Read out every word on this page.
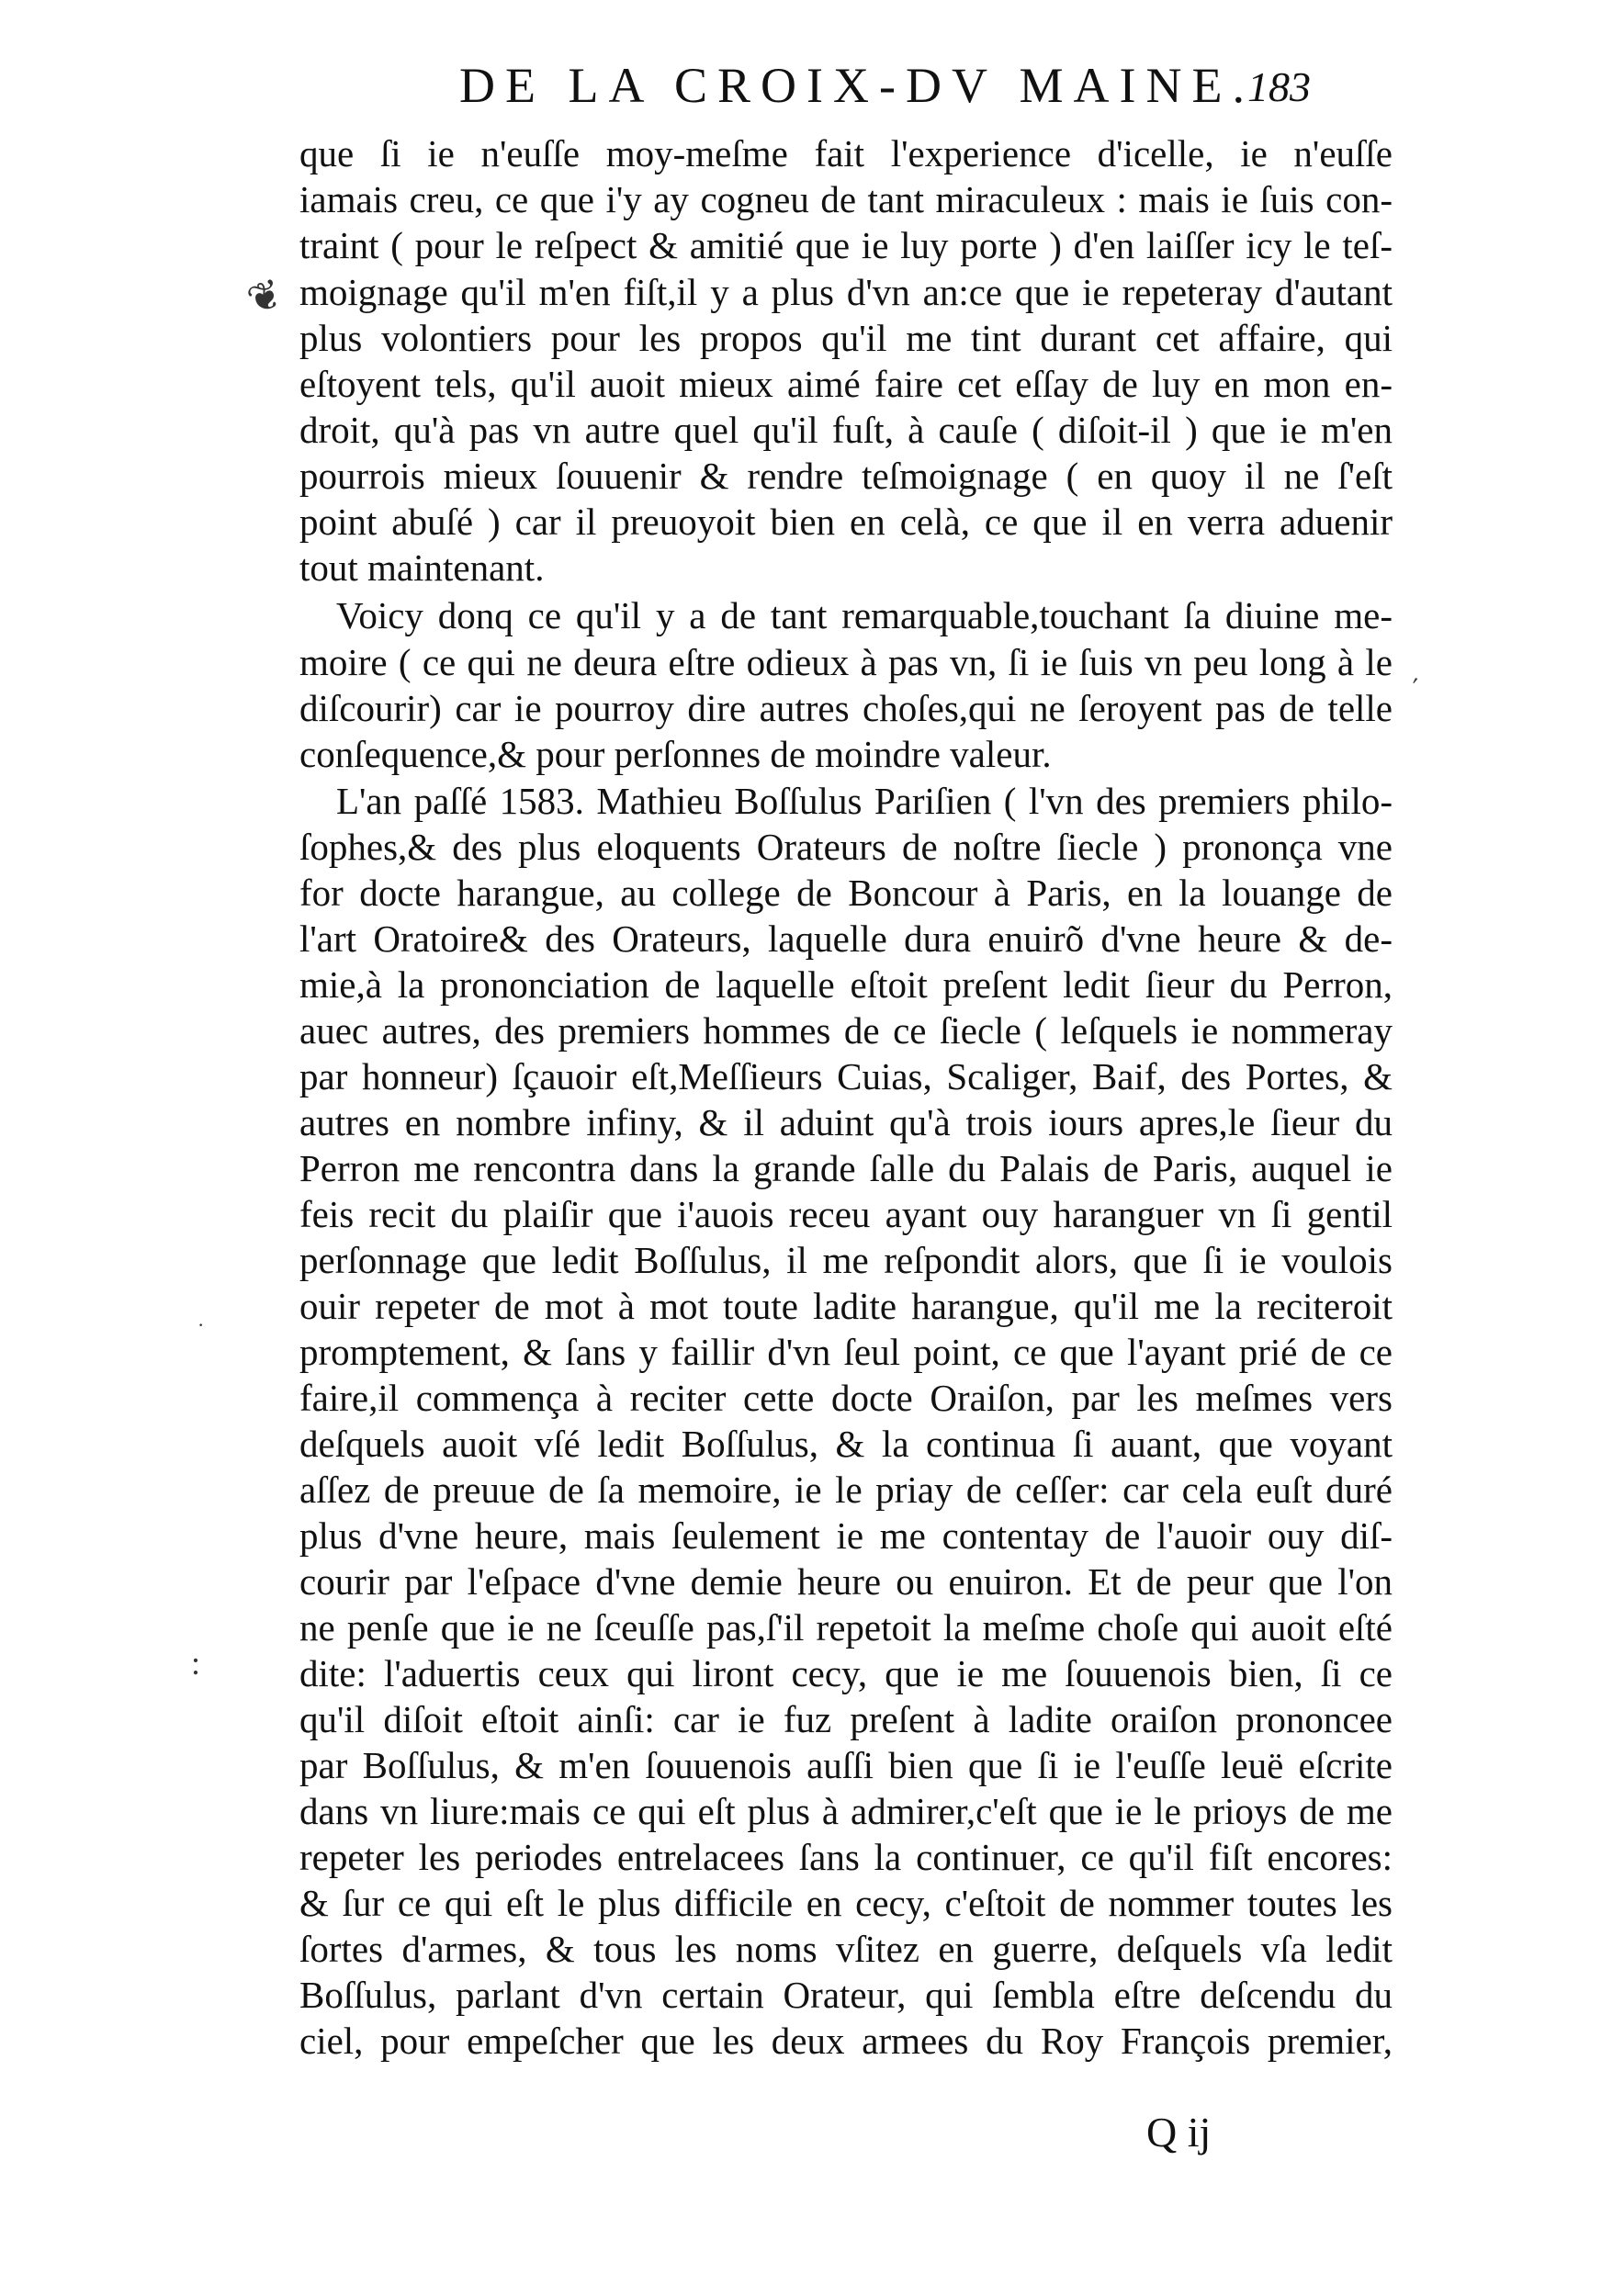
DE LA CROIX-DV MAINE.
183
❦
ʹ
·
:
que ſi ie n'euſſe moy-meſme fait l'experience d'icelle, ie n'euſſe
iamais creu, ce que i'y ay cogneu de tant miraculeux : mais ie ſuis con-
traint ( pour le reſpect & amitié que ie luy porte ) d'en laiſſer icy le teſ-
moignage qu'il m'en fiſt,il y a plus d'vn an:ce que ie repeteray d'autant
plus volontiers pour les propos qu'il me tint durant cet affaire, qui
eſtoyent tels, qu'il auoit mieux aimé faire cet eſſay de luy en mon en-
droit, qu'à pas vn autre quel qu'il fuſt, à cauſe ( diſoit-il ) que ie m'en
pourrois mieux ſouuenir & rendre teſmoignage ( en quoy il ne ſ'eſt
point abuſé ) car il preuoyoit bien en celà, ce que il en verra aduenir
tout maintenant.
Voicy donq ce qu'il y a de tant remarquable,touchant ſa diuine me-
moire ( ce qui ne deura eſtre odieux à pas vn, ſi ie ſuis vn peu long à le
diſcourir) car ie pourroy dire autres choſes,qui ne ſeroyent pas de telle
conſequence,& pour perſonnes de moindre valeur.
L'an paſſé 1583. Mathieu Boſſulus Pariſien ( l'vn des premiers philo-
ſophes,& des plus eloquents Orateurs de noſtre ſiecle ) prononça vne
for docte harangue, au college de Boncour à Paris, en la louange de
l'art Oratoire& des Orateurs, laquelle dura enuirõ d'vne heure & de-
mie,à la prononciation de laquelle eſtoit preſent ledit ſieur du Perron,
auec autres, des premiers hommes de ce ſiecle ( leſquels ie nommeray
par honneur) ſçauoir eſt,Meſſieurs Cuias, Scaliger, Baif, des Portes, &
autres en nombre infiny, & il aduint qu'à trois iours apres,le ſieur du
Perron me rencontra dans la grande ſalle du Palais de Paris, auquel ie
feis recit du plaiſir que i'auois receu ayant ouy haranguer vn ſi gentil
perſonnage que ledit Boſſulus, il me reſpondit alors, que ſi ie voulois
ouir repeter de mot à mot toute ladite harangue, qu'il me la reciteroit
promptement, & ſans y faillir d'vn ſeul point, ce que l'ayant prié de ce
faire,il commença à reciter cette docte Oraiſon, par les meſmes vers
deſquels auoit vſé ledit Boſſulus, & la continua ſi auant, que voyant
aſſez de preuue de ſa memoire, ie le priay de ceſſer: car cela euſt duré
plus d'vne heure, mais ſeulement ie me contentay de l'auoir ouy diſ-
courir par l'eſpace d'vne demie heure ou enuiron. Et de peur que l'on
ne penſe que ie ne ſceuſſe pas,ſ'il repetoit la meſme choſe qui auoit eſté
dite: l'aduertis ceux qui liront cecy, que ie me ſouuenois bien, ſi ce
qu'il diſoit eſtoit ainſi: car ie fuz preſent à ladite oraiſon prononcee
par Boſſulus, & m'en ſouuenois auſſi bien que ſi ie l'euſſe leuë eſcrite
dans vn liure:mais ce qui eſt plus à admirer,c'eſt que ie le prioys de me
repeter les periodes entrelacees ſans la continuer, ce qu'il fiſt encores:
& ſur ce qui eſt le plus difficile en cecy, c'eſtoit de nommer toutes les
ſortes d'armes, & tous les noms vſitez en guerre, deſquels vſa ledit
Boſſulus, parlant d'vn certain Orateur, qui ſembla eſtre deſcendu du
ciel, pour empeſcher que les deux armees du Roy François premier,
Q ij
